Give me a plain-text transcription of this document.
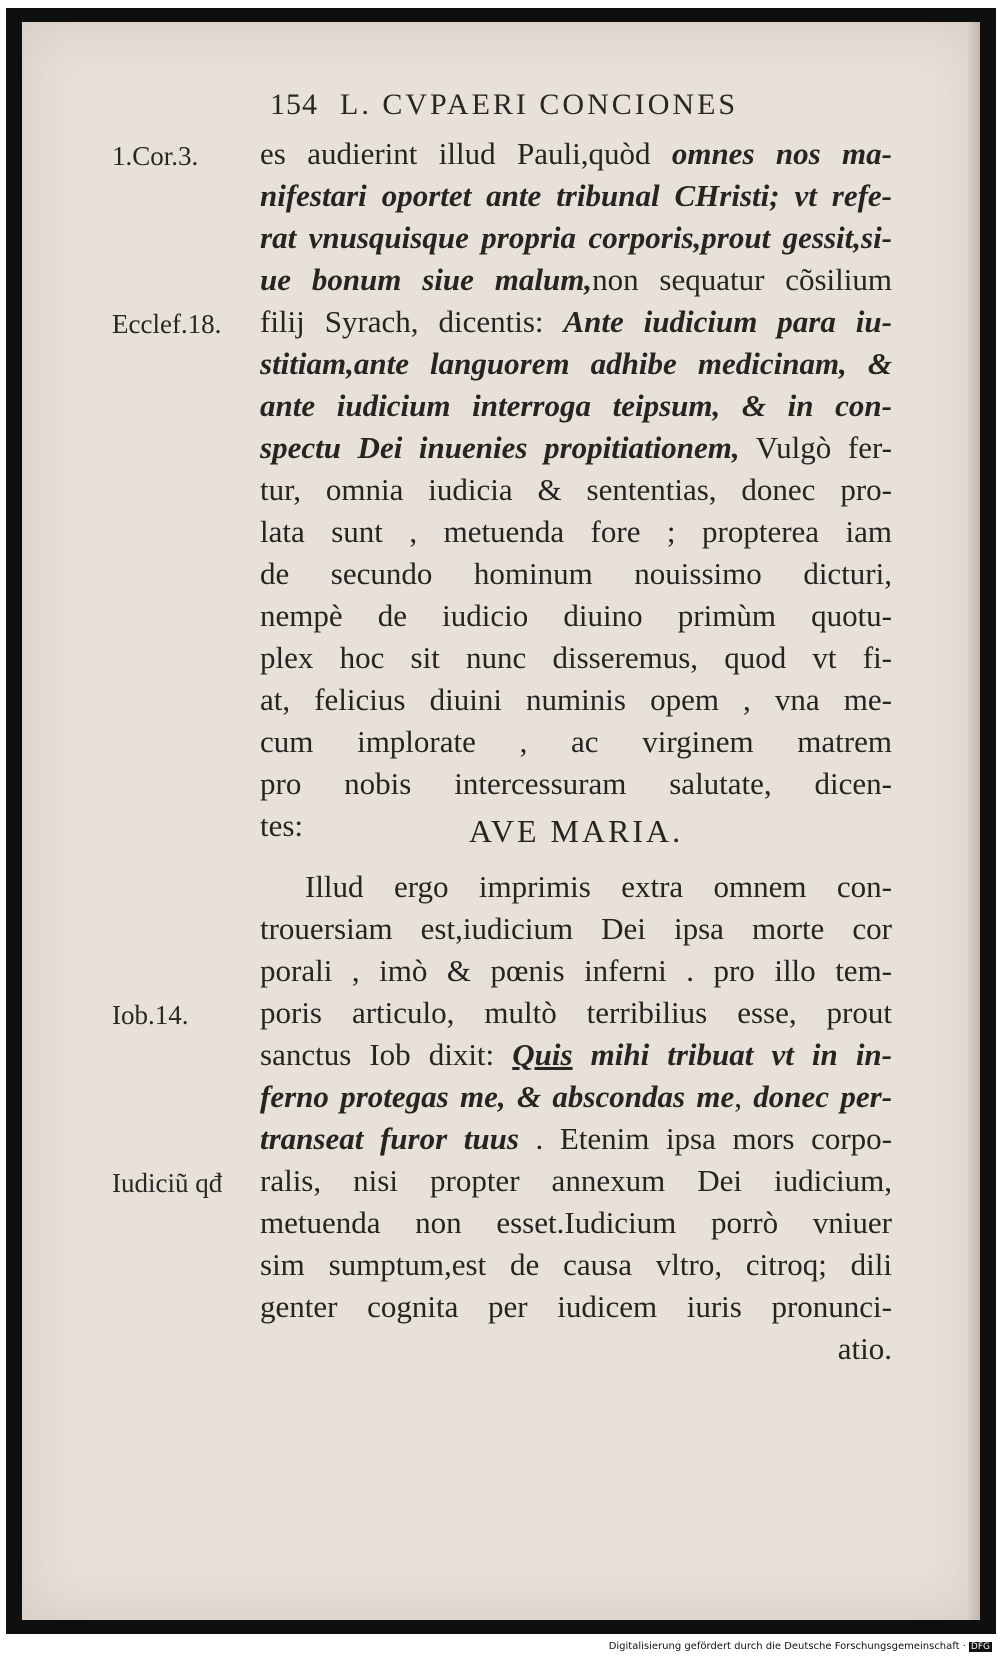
154 L. CVPAERI CONCIONES
1.Cor.3.
Ecclef.18.
Iob.14.
Iudiciũ qđ
es audierint illud Pauli,quòd omnes nos ma-
nifestari oportet ante tribunal CHristi; vt refe-
rat vnusquisque propria corporis,prout gessit,si-
ue bonum siue malum,non sequatur cõsilium
filij Syrach, dicentis: Ante iudicium para iu-
stitiam,ante languorem adhibe medicinam, &
ante iudicium interroga teipsum, & in con-
spectu Dei inuenies propitiationem, Vulgò fer-
tur, omnia iudicia & sententias, donec pro-
lata sunt , metuenda fore ; propterea iam
de secundo hominum nouissimo dicturi,
nempè de iudicio diuino primùm quotu-
plex hoc sit nunc disseremus, quod vt fi-
at, felicius diuini numinis opem , vna me-
cum implorate , ac virginem matrem
pro nobis intercessuram salutate, dicen-
tes:
Illud ergo imprimis extra omnem con-
trouersiam est,iudicium Dei ipsa morte cor
porali , imò & pœnis inferni . pro illo tem-
poris articulo, multò terribilius esse, prout
sanctus Iob dixit: Quis mihi tribuat vt in in-
ferno protegas me, & abscondas me, donec per-
transeat furor tuus . Etenim ipsa mors corpo-
ralis, nisi propter annexum Dei iudicium,
metuenda non esset.Iudicium porrò vniuer
sim sumptum,est de causa vltro, citroq; dili
genter cognita per iudicem iuris pronunci-
atio.
AVE MARIA.
Digitalisierung gefördert durch die Deutsche Forschungsgemeinschaft · DFG
